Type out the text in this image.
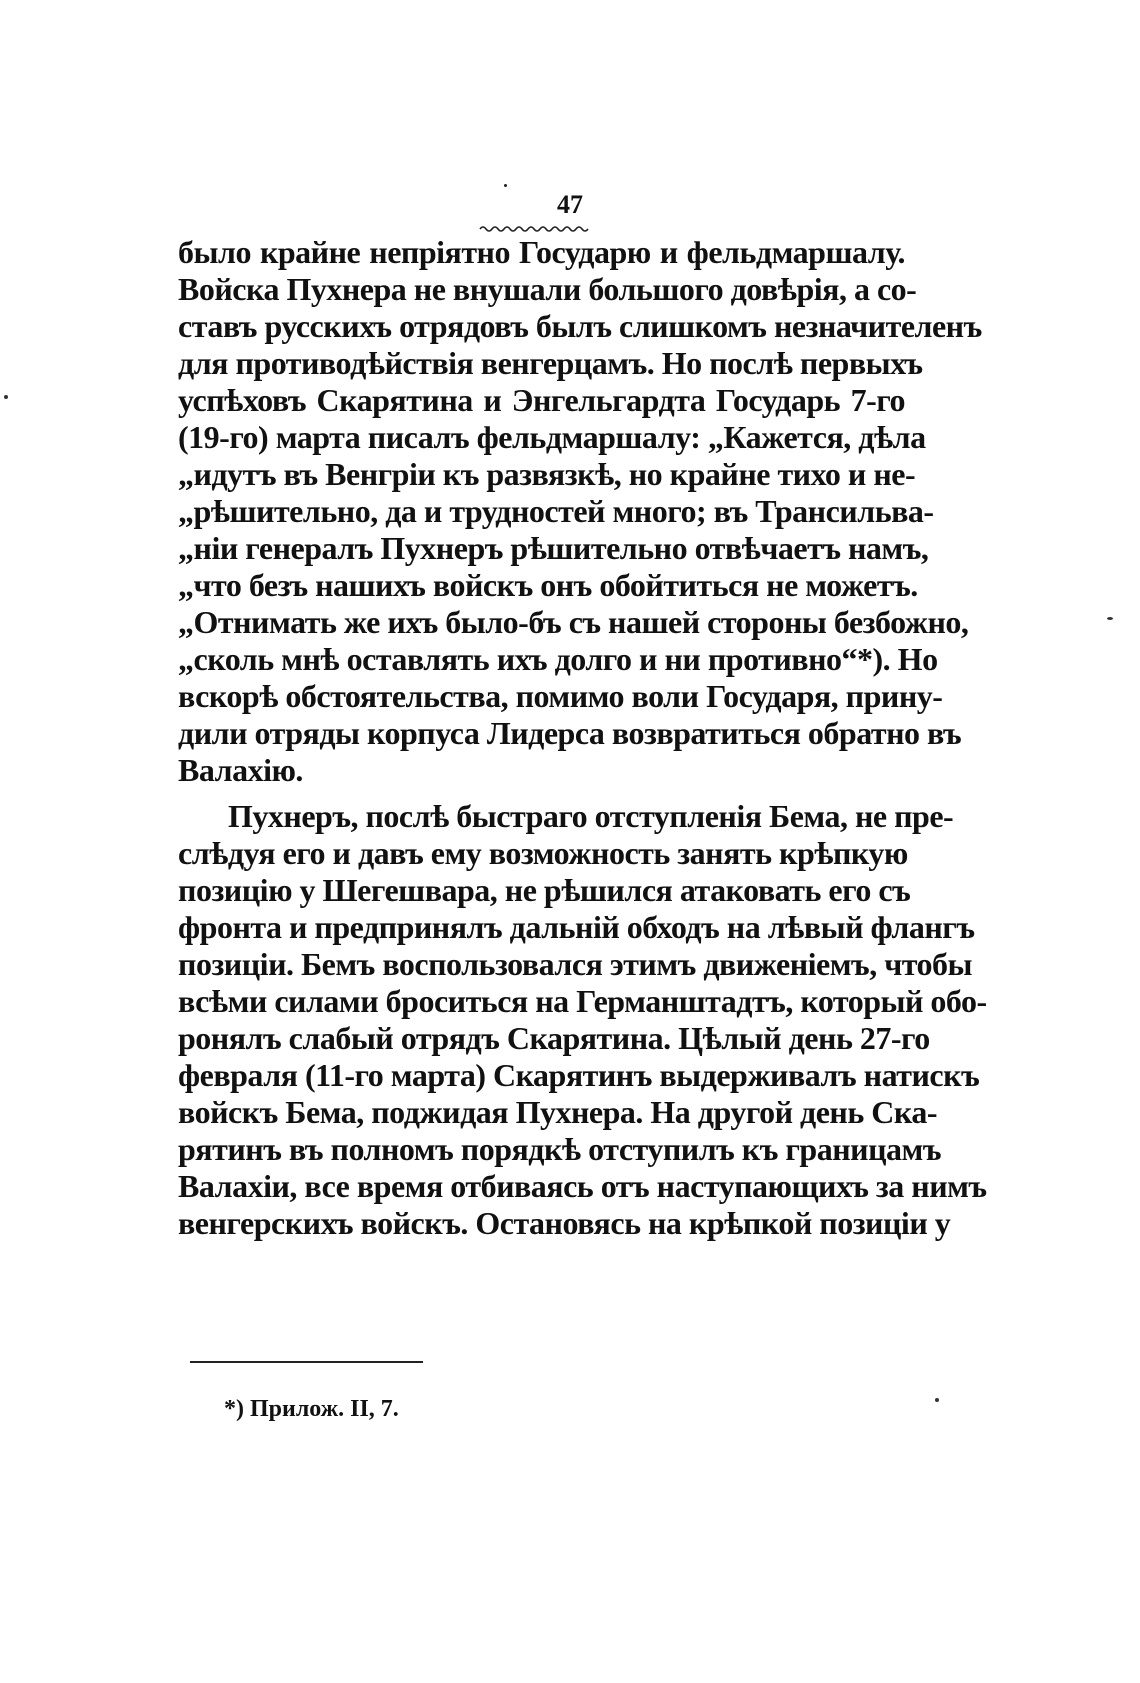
47
было крайне непріятно Государю и фельдмаршалу.
Войска Пухнера не внушали большого довѣрія, а со-
ставъ русскихъ отрядовъ былъ слишкомъ незначителенъ
для противодѣйствія венгерцамъ. Но послѣ первыхъ
успѣховъ Скарятина и Энгельгардта Государь 7-го
(19-го) марта писалъ фельдмаршалу: „Кажется, дѣла
„идутъ въ Венгріи къ развязкѣ, но крайне тихо и не-
„рѣшительно, да и трудностей много; въ Трансильва-
„ніи генералъ Пухнеръ рѣшительно отвѣчаетъ намъ,
„что безъ нашихъ войскъ онъ обойтиться не можетъ.
„Отнимать же ихъ было-бъ съ нашей стороны безбожно,
„сколь мнѣ оставлять ихъ долго и ни противно“*). Но
вскорѣ обстоятельства, помимо воли Государя, прину-
дили отряды корпуса Лидерса возвратиться обратно въ
Валахію.
Пухнеръ, послѣ быстраго отступленія Бема, не пре-
слѣдуя его и давъ ему возможность занять крѣпкую
позицію у Шегешвара, не рѣшился атаковать его съ
фронта и предпринялъ дальній обходъ на лѣвый флангъ
позиціи. Бемъ воспользовался этимъ движеніемъ, чтобы
всѣми силами броситься на Германштадтъ, который обо-
ронялъ слабый отрядъ Скарятина. Цѣлый день 27-го
февраля (11-го марта) Скарятинъ выдерживалъ натискъ
войскъ Бема, поджидая Пухнера. На другой день Ска-
рятинъ въ полномъ порядкѣ отступилъ къ границамъ
Валахіи, все время отбиваясь отъ наступающихъ за нимъ
венгерскихъ войскъ. Остановясь на крѣпкой позиціи у
*) Прилож. II, 7.
